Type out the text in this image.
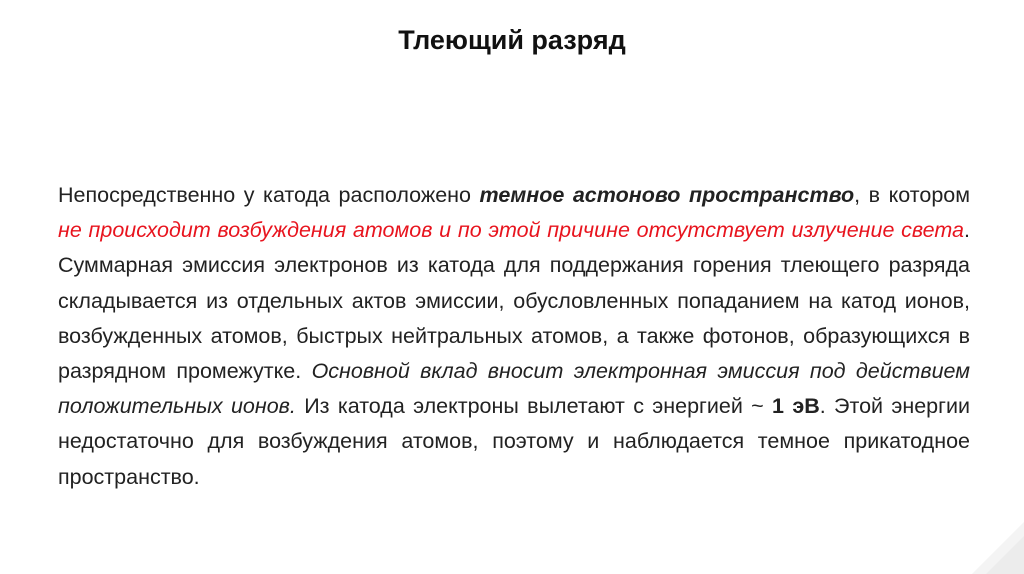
Тлеющий разряд
Непосредственно у катода расположено темное астоново пространство, в котором не происходит возбуждения атомов и по этой причине отсутствует излучение света. Суммарная эмиссия электронов из катода для поддержания горения тлеющего разряда складывается из отдельных актов эмиссии, обусловленных попаданием на катод ионов, возбужденных атомов, быстрых нейтральных атомов, а также фотонов, образующихся в разрядном промежутке. Основной вклад вносит электронная эмиссия под действием положительных ионов. Из катода электроны вылетают с энергией ~ 1 эВ. Этой энергии недостаточно для возбуждения атомов, поэтому и наблюдается темное прикатодное пространство.
